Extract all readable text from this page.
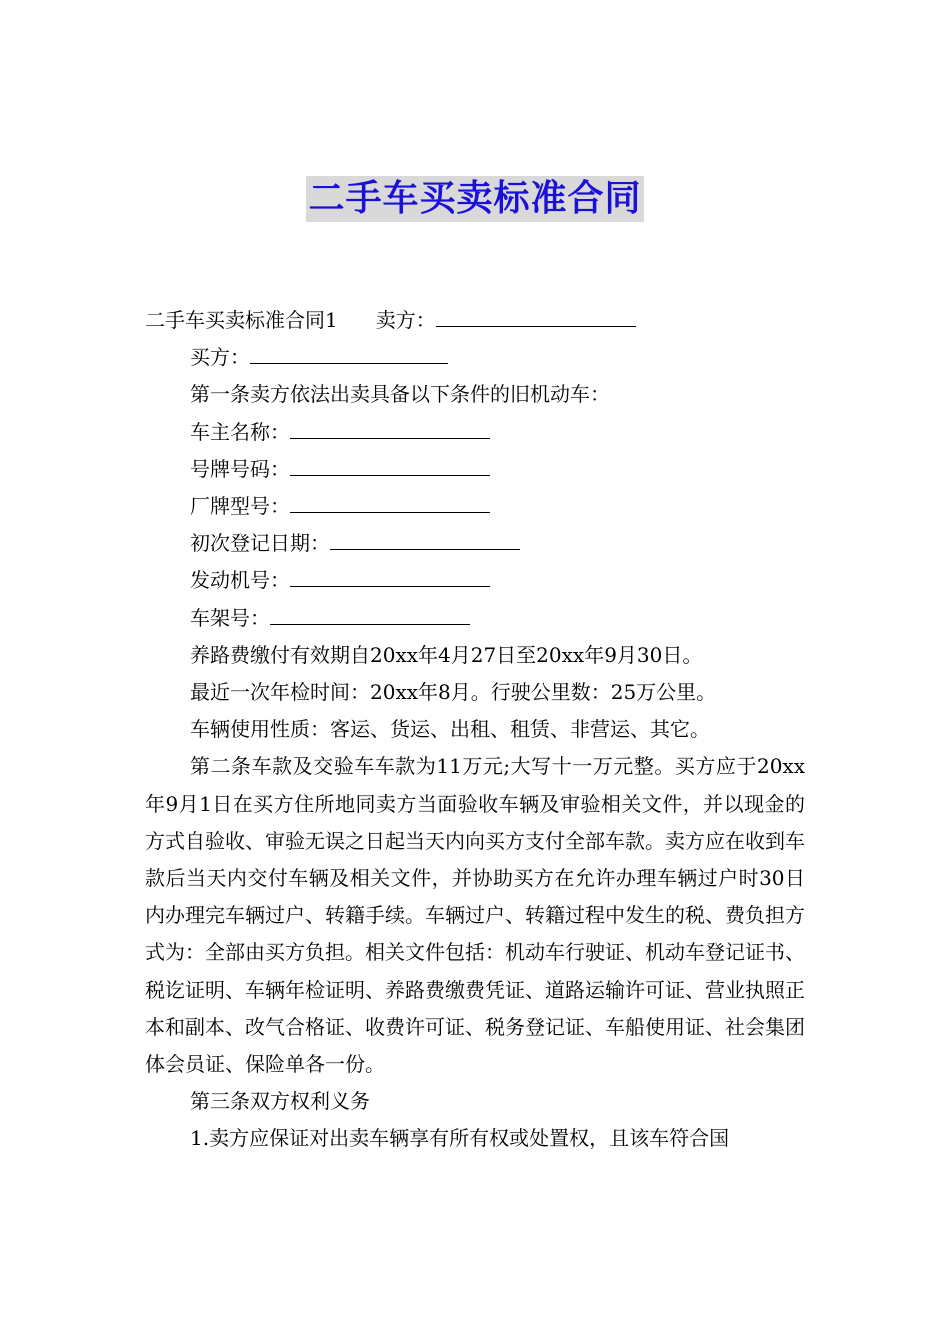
二手车买卖标准合同

二手车买卖标准合同1 卖方：

买方：

第一条卖方依法出卖具备以下条件的旧机动车：

车主名称：

号牌号码：

厂牌型号：

初次登记日期：

发动机号：

车架号：

养路费缴付有效期自20xx年4月27日至20xx年9月30日。

最近一次年检时间：20xx年8月。行驶公里数：25万公里。

车辆使用性质：客运、货运、出租、租赁、非营运、其它。

第二条车款及交验车车款为11万元;大写十一万元整。买方应于20xx年9月1日在买方住所地同卖方当面验收车辆及审验相关文件，并以现金的方式自验收、审验无误之日起当天内向买方支付全部车款。卖方应在收到车款后当天内交付车辆及相关文件，并协助买方在允许办理车辆过户时30日内办理完车辆过户、转籍手续。车辆过户、转籍过程中发生的税、费负担方式为：全部由买方负担。相关文件包括：机动车行驶证、机动车登记证书、税讫证明、车辆年检证明、养路费缴费凭证、道路运输许可证、营业执照正本和副本、改气合格证、收费许可证、税务登记证、车船使用证、社会集团体会员证、保险单各一份。

第三条双方权利义务

1.卖方应保证对出卖车辆享有所有权或处置权，且该车符合国
